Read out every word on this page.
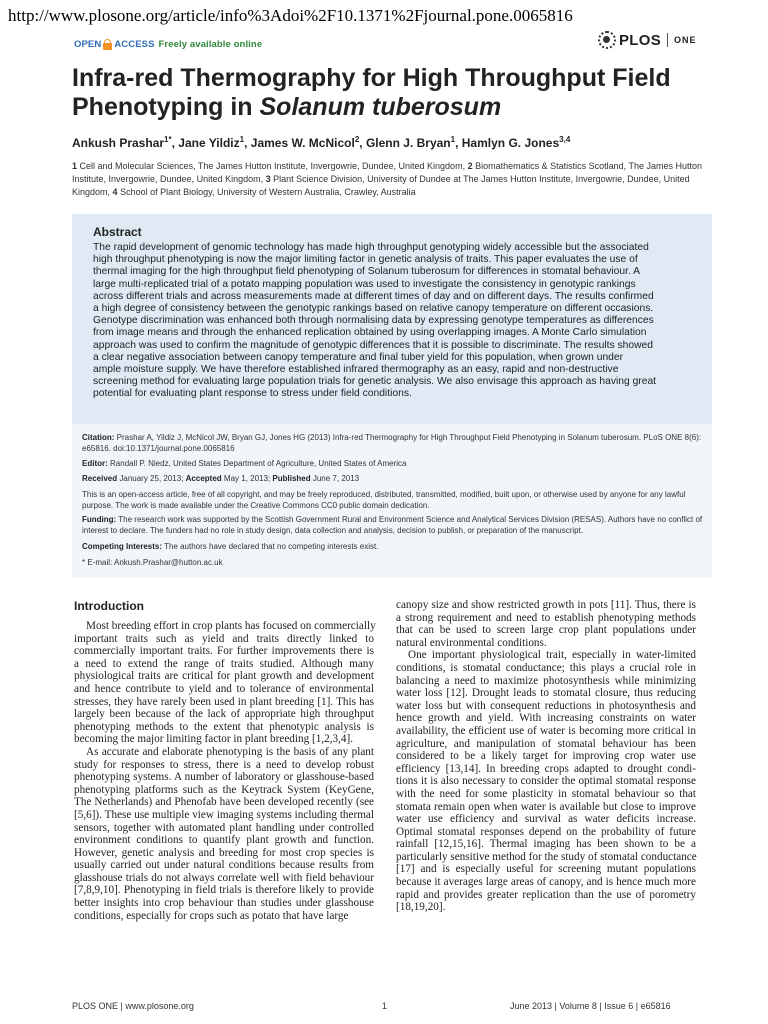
http://www.plosone.org/article/info%3Adoi%2F10.1371%2Fjournal.pone.0065816
OPEN ACCESS Freely available online	PLOS ONE
Infra-red Thermography for High Throughput Field
Phenotyping in Solanum tuberosum
Ankush Prashar$^{1*}$, Jane Yildiz$^1$, James W. McNicol$^2$, Glenn J. Bryan$^1$, Hamlyn G. Jones$^{3,4}$
1 Cell and Molecular Sciences, The James Hutton Institute, Invergowrie, Dundee, United Kingdom, 2 Biomathematics & Statistics Scotland, The James Hutton Institute, Invergowrie, Dundee, United Kingdom, 3 Plant Science Division, University of Dundee at The James Hutton Institute, Invergowrie, Dundee, United Kingdom, 4 School of Plant Biology, University of Western Australia, Crawley, Australia
Abstract
The rapid development of genomic technology has made high throughput genotyping widely accessible but the associated
high throughput phenotyping is now the major limiting factor in genetic analysis of traits. This paper evaluates the use of
thermal imaging for the high throughput field phenotyping of Solanum tuberosum for differences in stomatal behaviour. A
large multi-replicated trial of a potato mapping population was used to investigate the consistency in genotypic rankings
across different trials and across measurements made at different times of day and on different days. The results confirmed
a high degree of consistency between the genotypic rankings based on relative canopy temperature on different occasions.
Genotype discrimination was enhanced both through normalising data by expressing genotype temperatures as differences
from image means and through the enhanced replication obtained by using overlapping images. A Monte Carlo simulation
approach was used to confirm the magnitude of genotypic differences that it is possible to discriminate. The results showed
a clear negative association between canopy temperature and final tuber yield for this population, when grown under
ample moisture supply. We have therefore established infrared thermography as an easy, rapid and non-destructive
screening method for evaluating large population trials for genetic analysis. We also envisage this approach as having great
potential for evaluating plant response to stress under field conditions.
Citation: Prashar A, Yildiz J, McNicol JW, Bryan GJ, Jones HG (2013) Infra-red Thermography for High Throughput Field Phenotyping in Solanum tuberosum. PLoS ONE 8(6): e65816. doi:10.1371/journal.pone.0065816
Editor: Randall P. Niedz, United States Department of Agriculture, United States of America
Received January 25, 2013; Accepted May 1, 2013; Published June 7, 2013
This is an open-access article, free of all copyright, and may be freely reproduced, distributed, transmitted, modified, built upon, or otherwise used by anyone for any lawful purpose. The work is made available under the Creative Commons CC0 public domain dedication.
Funding: The research work was supported by the Scottish Government Rural and Environment Science and Analytical Services Division (RESAS). Authors have no conflict of interest to declare. The funders had no role in study design, data collection and analysis, decision to publish, or preparation of the manuscript.
Competing Interests: The authors have declared that no competing interests exist.
* E-mail: Ankush.Prashar@hutton.ac.uk
Introduction
Most breeding effort in crop plants has focused on commercially
important traits such as yield and traits directly linked to
commercially important traits. For further improvements there is
a need to extend the range of traits studied. Although many
physiological traits are critical for plant growth and development
and hence contribute to yield and to tolerance of environmental
stresses, they have rarely been used in plant breeding [1]. This has
largely been because of the lack of appropriate high throughput
phenotyping methods to the extent that phenotypic analysis is
becoming the major limiting factor in plant breeding [1,2,3,4].
As accurate and elaborate phenotyping is the basis of any plant
study for responses to stress, there is a need to develop robust
phenotyping systems. A number of laboratory or glasshouse-based
phenotyping platforms such as the Keytrack System (KeyGene,
The Netherlands) and Phenofab have been developed recently (see
[5,6]). These use multiple view imaging systems including thermal
sensors, together with automated plant handling under controlled
environment conditions to quantify plant growth and function.
However, genetic analysis and breeding for most crop species is
usually carried out under natural conditions because results from
glasshouse trials do not always correlate well with field behaviour
[7,8,9,10]. Phenotyping in field trials is therefore likely to provide
better insights into crop behaviour than studies under glasshouse
conditions, especially for crops such as potato that have large
canopy size and show restricted growth in pots [11]. Thus, there is
a strong requirement and need to establish phenotyping methods
that can be used to screen large crop plant populations under
natural environmental conditions.
One important physiological trait, especially in water-limited
conditions, is stomatal conductance; this plays a crucial role in
balancing a need to maximize photosynthesis while minimizing
water loss [12]. Drought leads to stomatal closure, thus reducing
water loss but with consequent reductions in photosynthesis and
hence growth and yield. With increasing constraints on water
availability, the efficient use of water is becoming more critical in
agriculture, and manipulation of stomatal behaviour has been
considered to be a likely target for improving crop water use
efficiency [13,14]. In breeding crops adapted to drought condi-
tions it is also necessary to consider the optimal stomatal response
with the need for some plasticity in stomatal behaviour so that
stomata remain open when water is available but close to improve
water use efficiency and survival as water deficits increase.
Optimal stomatal responses depend on the probability of future
rainfall [12,15,16]. Thermal imaging has been shown to be a
particularly sensitive method for the study of stomatal conductance
[17] and is especially useful for screening mutant populations
because it averages large areas of canopy, and is hence much more
rapid and provides greater replication than the use of porometry
[18,19,20].
PLOS ONE | www.plosone.org	1	June 2013 | Volume 8 | Issue 6 | e65816
